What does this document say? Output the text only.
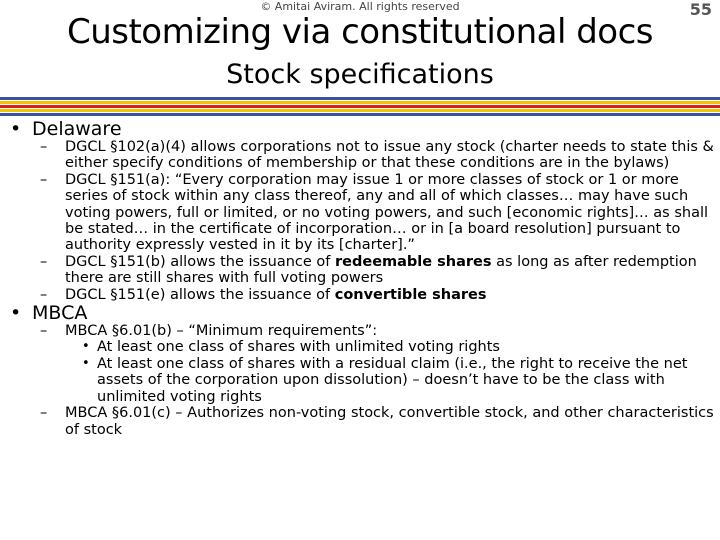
© Amitai Aviram. All rights reserved	55
Customizing via constitutional docs
Stock specifications
• Delaware
– DGCL §102(a)(4) allows corporations not to issue any stock (charter needs to state this & either specify conditions of membership or that these conditions are in the bylaws)
– DGCL §151(a): “Every corporation may issue 1 or more classes of stock or 1 or more series of stock within any class thereof, any and all of which classes… may have such voting powers, full or limited, or no voting powers, and such [economic rights]… as shall be stated… in the certificate of incorporation… or in [a board resolution] pursuant to authority expressly vested in it by its [charter].”
– DGCL §151(b) allows the issuance of redeemable shares as long as after redemption there are still shares with full voting powers
– DGCL §151(e) allows the issuance of convertible shares
• MBCA
– MBCA §6.01(b) – “Minimum requirements”:
• At least one class of shares with unlimited voting rights
• At least one class of shares with a residual claim (i.e., the right to receive the net assets of the corporation upon dissolution) – doesn’t have to be the class with unlimited voting rights
– MBCA §6.01(c) – Authorizes non-voting stock, convertible stock, and other characteristics of stock
